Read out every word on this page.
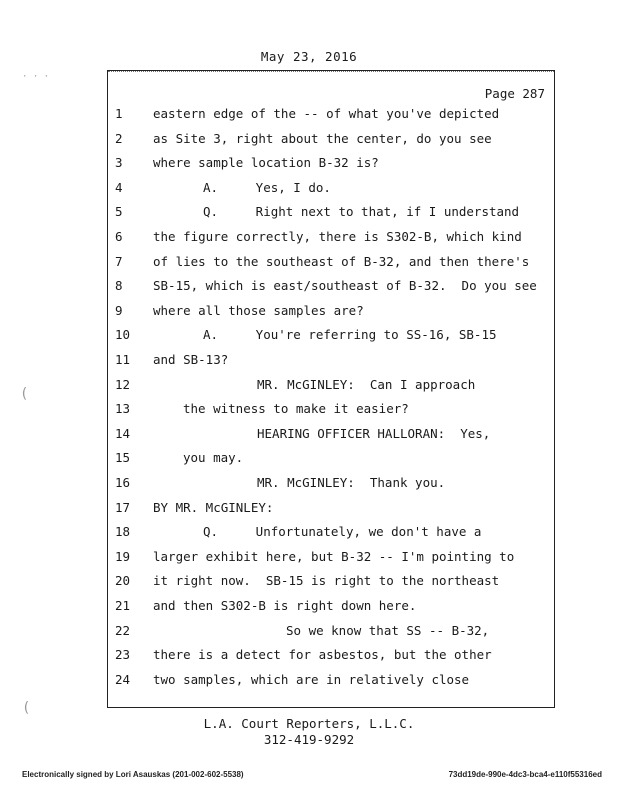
May 23, 2016
Page 287
1	eastern edge of the -- of what you've depicted
2	as Site 3, right about the center, do you see
3	where sample location B-32 is?
4	A.     Yes, I do.
5	Q.     Right next to that, if I understand
6	the figure correctly, there is S302-B, which kind
7	of lies to the southeast of B-32, and then there's
8	SB-15, which is east/southeast of B-32.  Do you see
9	where all those samples are?
10	A.     You're referring to SS-16, SB-15
11	and SB-13?
12	MR. McGINLEY:  Can I approach
13	the witness to make it easier?
14	HEARING OFFICER HALLORAN:  Yes,
15	you may.
16	MR. McGINLEY:  Thank you.
17	BY MR. McGINLEY:
18	Q.     Unfortunately, we don't have a
19	larger exhibit here, but B-32 -- I'm pointing to
20	it right now.  SB-15 is right to the northeast
21	and then S302-B is right down here.
22	So we know that SS -- B-32,
23	there is a detect for asbestos, but the other
24	two samples, which are in relatively close
L.A. Court Reporters, L.L.C.
312-419-9292
Electronically signed by Lori Asauskas (201-002-602-5538)	73dd19de-990e-4dc3-bca4-e110f55316ed
· · ·
(
(
